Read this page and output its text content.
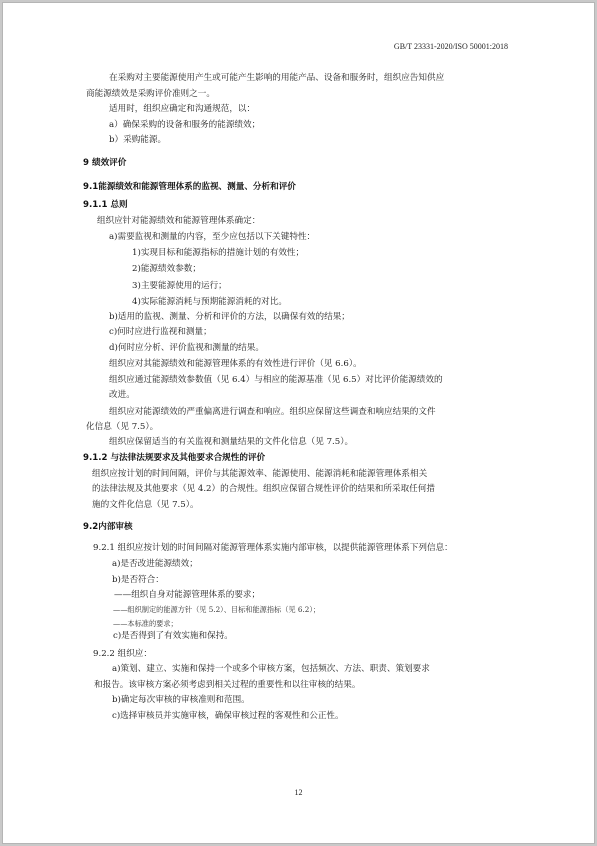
GB/T 23331-2020/ISO 50001:2018
在采购对主要能源使用产生或可能产生影响的用能产品、设备和服务时，组织应告知供应
商能源绩效是采购评价准则之一。
适用时，组织应确定和沟通规范，以：
a）确保采购的设备和服务的能源绩效；
b）采购能源。
9 绩效评价
9.1能源绩效和能源管理体系的监视、测量、分析和评价
9.1.1 总则
组织应针对能源绩效和能源管理体系确定：
a)需要监视和测量的内容，至少应包括以下关键特性：
1)实现目标和能源指标的措施计划的有效性；
2)能源绩效参数；
3)主要能源使用的运行；
4)实际能源消耗与预期能源消耗的对比。
b)适用的监视、测量、分析和评价的方法，以确保有效的结果；
c)何时应进行监视和测量；
d)何时应分析、评价监视和测量的结果。
组织应对其能源绩效和能源管理体系的有效性进行评价（见 6.6）。
组织应通过能源绩效参数值（见 6.4）与相应的能源基准（见 6.5）对比评价能源绩效的
改进。
组织应对能源绩效的严重偏离进行调查和响应。组织应保留这些调查和响应结果的文件
化信息（见 7.5）。
组织应保留适当的有关监视和测量结果的文件化信息（见 7.5）。
9.1.2 与法律法规要求及其他要求合规性的评价
组织应按计划的时间间隔，评价与其能源效率、能源使用、能源消耗和能源管理体系相关
的法律法规及其他要求（见 4.2）的合规性。组织应保留合规性评价的结果和所采取任何措
施的文件化信息（见 7.5）。
9.2内部审核
9.2.1 组织应按计划的时间间隔对能源管理体系实施内部审核，以提供能源管理体系下列信息：
a)是否改进能源绩效；
b)是否符合：
——组织自身对能源管理体系的要求；
——组织制定的能源方针（见 5.2）、目标和能源指标（见 6.2）；
——本标准的要求；
c)是否得到了有效实施和保持。
9.2.2 组织应：
a)策划、建立、实施和保持一个或多个审核方案，包括频次、方法、职责、策划要求
和报告。该审核方案必须考虑到相关过程的重要性和以往审核的结果。
b)确定每次审核的审核准则和范围。
c)选择审核员并实施审核，确保审核过程的客观性和公正性。
12
